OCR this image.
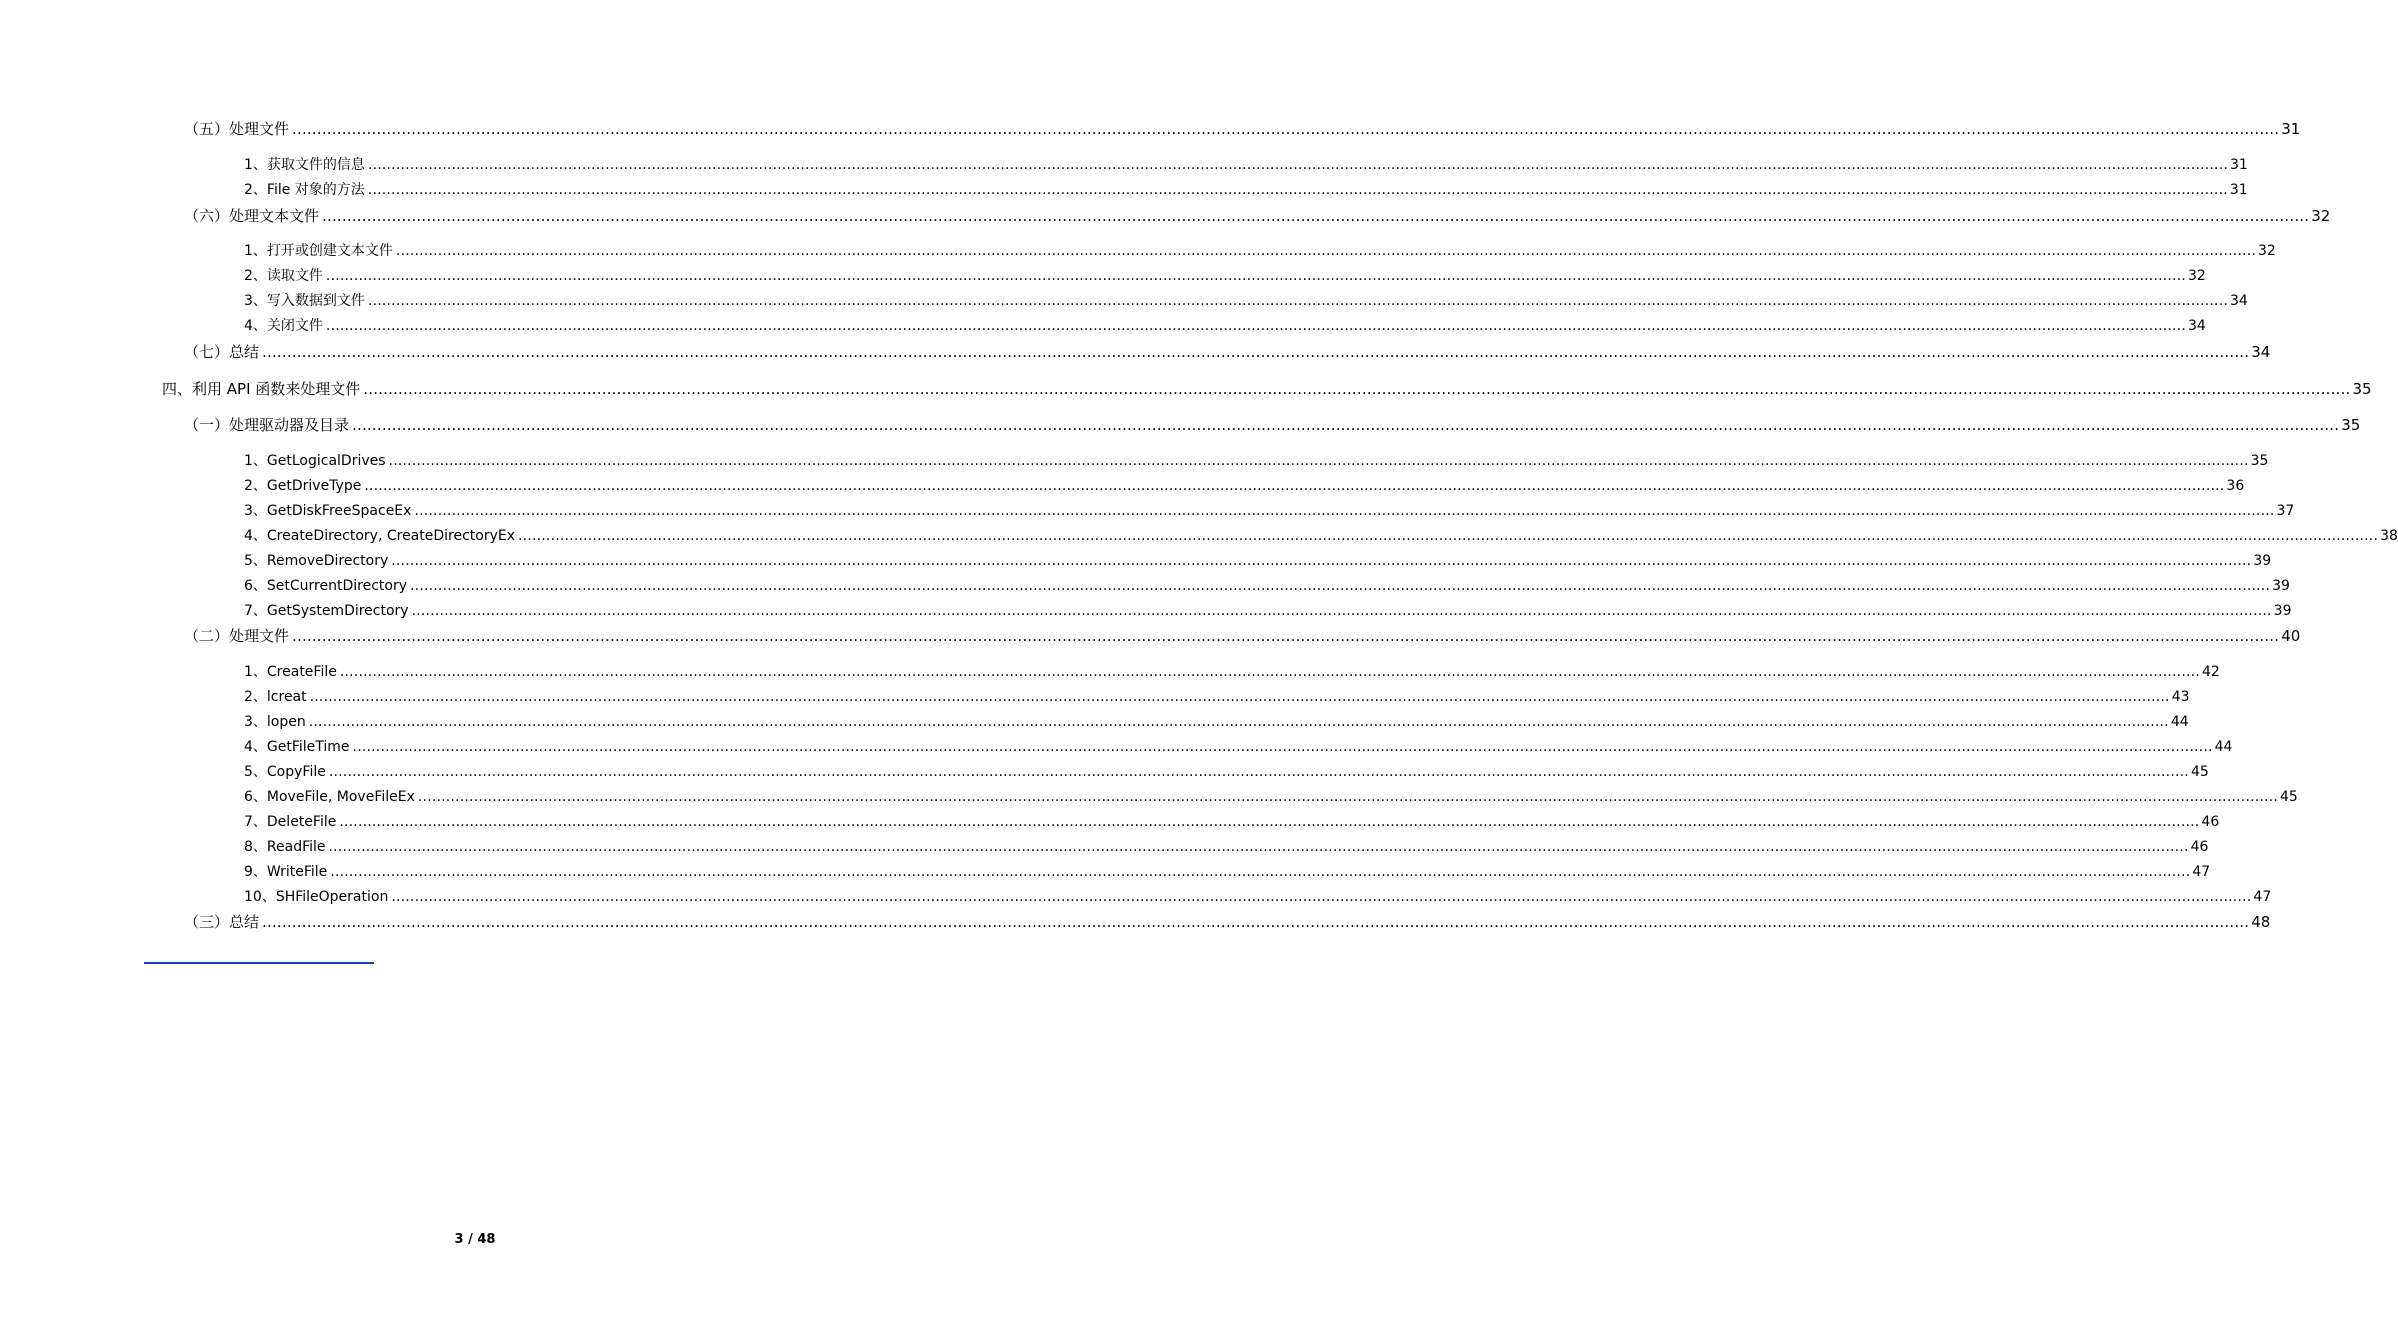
（五）处理文件 ................................................................................................................................................................................................................................................................................................................................................................................................................ 31
1、获取文件的信息 ................................................................................................................................................................................................................................................................................................................................................................................................................ 31
2、File 对象的方法 ................................................................................................................................................................................................................................................................................................................................................................................................................ 31
（六）处理文本文件 ................................................................................................................................................................................................................................................................................................................................................................................................................ 32
1、打开或创建文本文件 ................................................................................................................................................................................................................................................................................................................................................................................................................ 32
2、读取文件 ................................................................................................................................................................................................................................................................................................................................................................................................................ 32
3、写入数据到文件 ................................................................................................................................................................................................................................................................................................................................................................................................................ 34
4、关闭文件 ................................................................................................................................................................................................................................................................................................................................................................................................................ 34
（七）总结 ................................................................................................................................................................................................................................................................................................................................................................................................................ 34
四、利用 API 函数来处理文件 ................................................................................................................................................................................................................................................................................................................................................................................................................ 35
（一）处理驱动器及目录 ................................................................................................................................................................................................................................................................................................................................................................................................................ 35
1、GetLogicalDrives ................................................................................................................................................................................................................................................................................................................................................................................................................ 35
2、GetDriveType ................................................................................................................................................................................................................................................................................................................................................................................................................ 36
3、GetDiskFreeSpaceEx ................................................................................................................................................................................................................................................................................................................................................................................................................ 37
4、CreateDirectory, CreateDirectoryEx ................................................................................................................................................................................................................................................................................................................................................................................................................ 38
5、RemoveDirectory ................................................................................................................................................................................................................................................................................................................................................................................................................ 39
6、SetCurrentDirectory ................................................................................................................................................................................................................................................................................................................................................................................................................ 39
7、GetSystemDirectory ................................................................................................................................................................................................................................................................................................................................................................................................................ 39
（二）处理文件 ................................................................................................................................................................................................................................................................................................................................................................................................................ 40
1、CreateFile ................................................................................................................................................................................................................................................................................................................................................................................................................ 42
2、lcreat ................................................................................................................................................................................................................................................................................................................................................................................................................ 43
3、lopen ................................................................................................................................................................................................................................................................................................................................................................................................................ 44
4、GetFileTime ................................................................................................................................................................................................................................................................................................................................................................................................................ 44
5、CopyFile ................................................................................................................................................................................................................................................................................................................................................................................................................ 45
6、MoveFile, MoveFileEx ................................................................................................................................................................................................................................................................................................................................................................................................................ 45
7、DeleteFile ................................................................................................................................................................................................................................................................................................................................................................................................................ 46
8、ReadFile ................................................................................................................................................................................................................................................................................................................................................................................................................ 46
9、WriteFile ................................................................................................................................................................................................................................................................................................................................................................................................................ 47
10、SHFileOperation ................................................................................................................................................................................................................................................................................................................................................................................................................ 47
（三）总结 ................................................................................................................................................................................................................................................................................................................................................................................................................ 48
3 / 48
